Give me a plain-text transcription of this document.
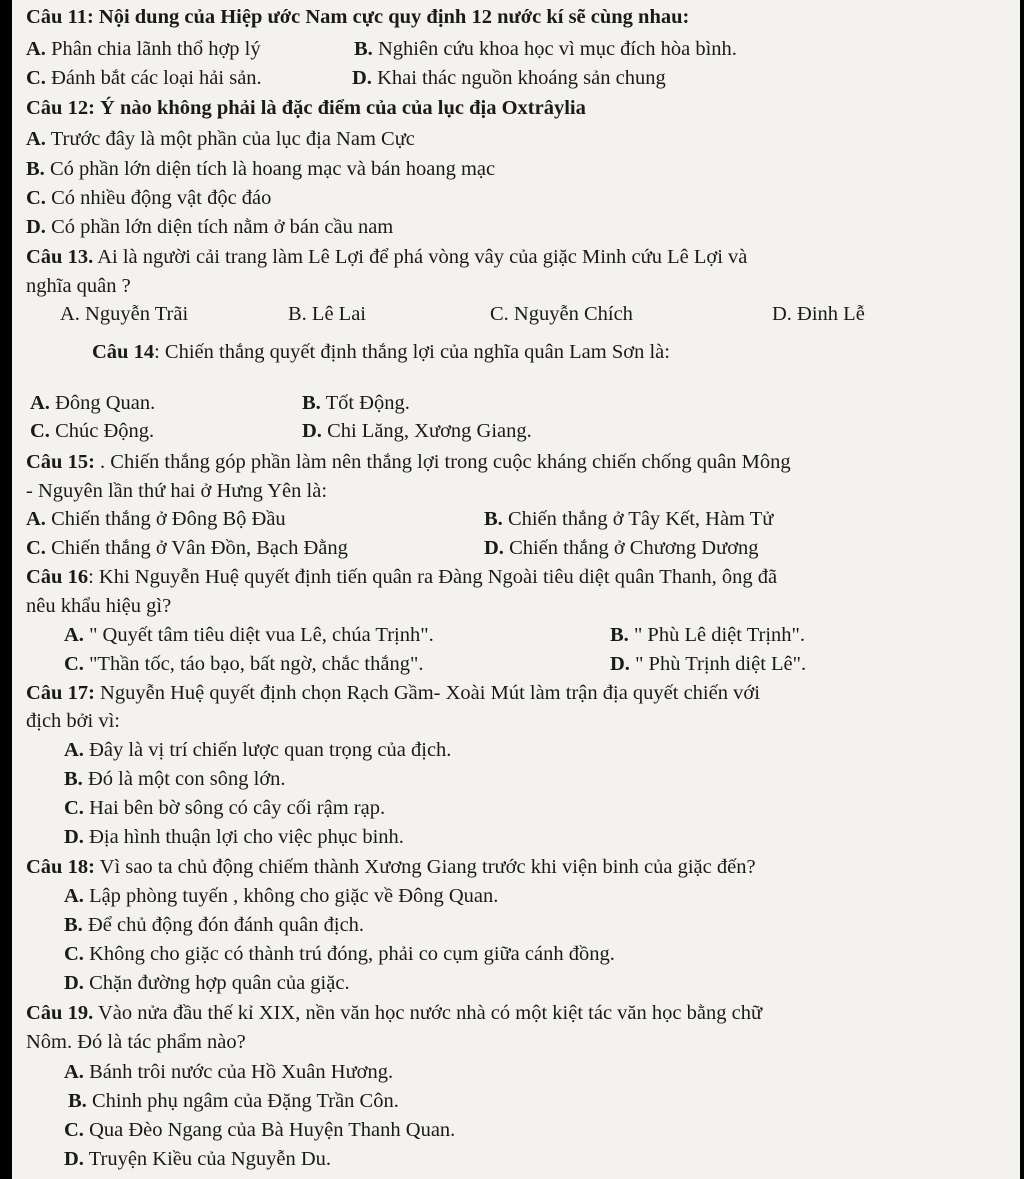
Câu 11: Nội dung của Hiệp ước Nam cực quy định 12 nước kí sẽ cùng nhau:
A. Phân chia lãnh thổ hợp lý	B. Nghiên cứu khoa học vì mục đích hòa bình.
C. Đánh bắt các loại hải sản.	D. Khai thác nguồn khoáng sản chung
Câu 12: Ý nào không phải là đặc điểm của của lục địa Oxtrâylia
A. Trước đây là một phần của lục địa Nam Cực
B. Có phần lớn diện tích là hoang mạc và bán hoang mạc
C. Có nhiều động vật độc đáo
D. Có phần lớn diện tích nằm ở bán cầu nam
Câu 13. Ai là người cải trang làm Lê Lợi để phá vòng vây của giặc Minh cứu Lê Lợi và
nghĩa quân ?
A. Nguyễn Trãi	B. Lê Lai	C. Nguyễn Chích	D. Đinh Lễ
Câu 14: Chiến thắng quyết định thắng lợi của nghĩa quân Lam Sơn là:
A. Đông Quan.	B. Tốt Động.
C. Chúc Động.	D. Chi Lăng, Xương Giang.
Câu 15: . Chiến thắng góp phần làm nên thắng lợi trong cuộc kháng chiến chống quân Mông
- Nguyên lần thứ hai ở Hưng Yên là:
A. Chiến thắng ở Đông Bộ Đầu	B. Chiến thắng ở Tây Kết, Hàm Tử
C. Chiến thắng ở Vân Đồn, Bạch Đằng	D. Chiến thắng ở Chương Dương
Câu 16: Khi Nguyễn Huệ quyết định tiến quân ra Đàng Ngoài tiêu diệt quân Thanh, ông đã
nêu khẩu hiệu gì?
A. " Quyết tâm tiêu diệt vua Lê, chúa Trịnh".	B. " Phù Lê diệt Trịnh".
C. "Thần tốc, táo bạo, bất ngờ, chắc thắng".	D. " Phù Trịnh diệt Lê".
Câu 17: Nguyễn Huệ quyết định chọn Rạch Gầm- Xoài Mút làm trận địa quyết chiến với
địch bởi vì:
A. Đây là vị trí chiến lược quan trọng của địch.
B. Đó là một con sông lớn.
C. Hai bên bờ sông có cây cối rậm rạp.
D. Địa hình thuận lợi cho việc phục binh.
Câu 18: Vì sao ta chủ động chiếm thành Xương Giang trước khi viện binh của giặc đến?
A. Lập phòng tuyến , không cho giặc về Đông Quan.
B. Để chủ động đón đánh quân địch.
C. Không cho giặc có thành trú đóng, phải co cụm giữa cánh đồng.
D. Chặn đường hợp quân của giặc.
Câu 19. Vào nửa đầu thế kỉ XIX, nền văn học nước nhà có một kiệt tác văn học bằng chữ
Nôm. Đó là tác phẩm nào?
A. Bánh trôi nước của Hồ Xuân Hương.
B. Chinh phụ ngâm của Đặng Trần Côn.
C. Qua Đèo Ngang của Bà Huyện Thanh Quan.
D. Truyện Kiều của Nguyễn Du.
